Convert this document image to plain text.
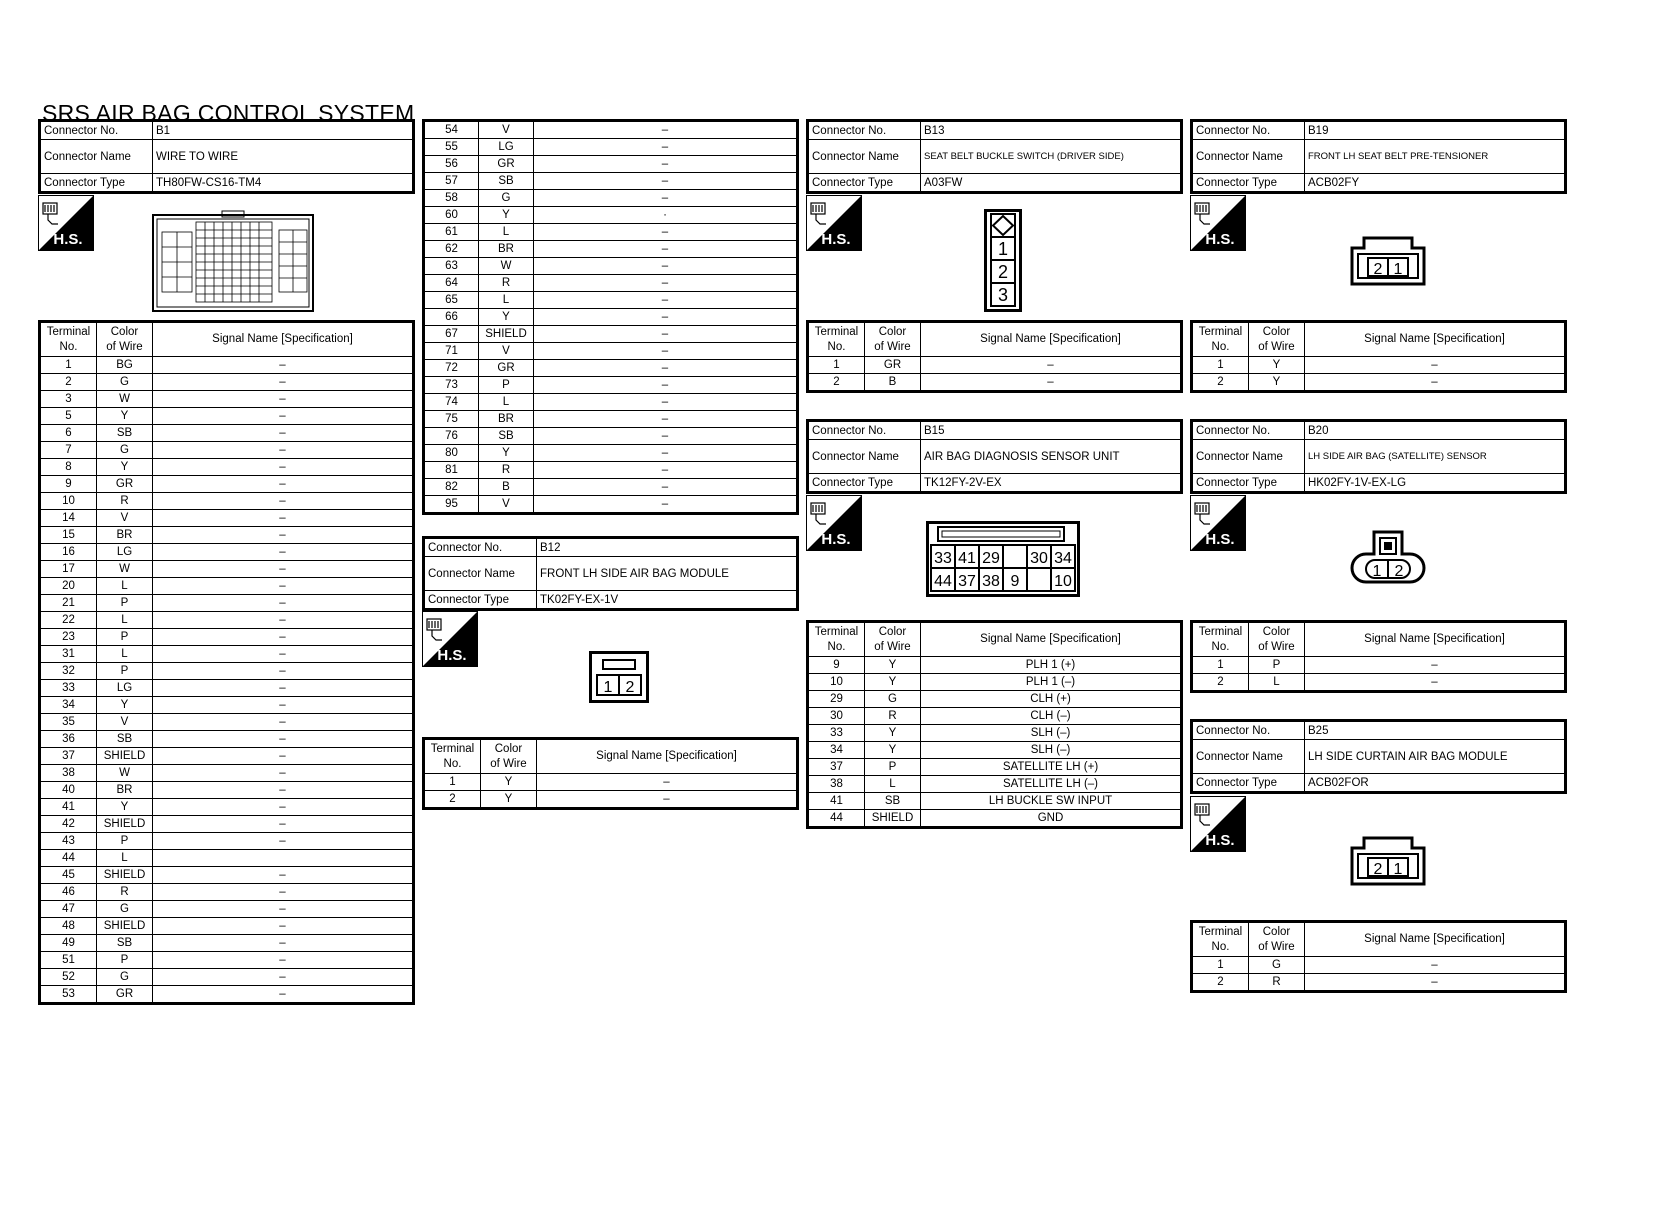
SRS AIR BAG CONTROL SYSTEM
Connector No.	B1
Connector Name	WIRE TO WIRE
Connector Type	TH80FW-CS16-TM4
H.S.
Terminal
No.	Color
of Wire	Signal Name [Specification]
1	BG	–
2	G	–
3	W	–
5	Y	–
6	SB	–
7	G	–
8	Y	–
9	GR	–
10	R	–
14	V	–
15	BR	–
16	LG	–
17	W	–
20	L	–
21	P	–
22	L	–
23	P	–
31	L	–
32	P	–
33	LG	–
34	Y	–
35	V	–
36	SB	–
37	SHIELD	–
38	W	–
40	BR	–
41	Y	–
42	SHIELD	–
43	P	–
44	L	
45	SHIELD	–
46	R	–
47	G	–
48	SHIELD	–
49	SB	–
51	P	–
52	G	–
53	GR	–
54	V	–
55	LG	–
56	GR	–
57	SB	–
58	G	–
60	Y	·
61	L	–
62	BR	–
63	W	–
64	R	–
65	L	–
66	Y	–
67	SHIELD	–
71	V	–
72	GR	–
73	P	–
74	L	–
75	BR	–
76	SB	–
80	Y	–
81	R	–
82	B	–
95	V	–
Connector No.	B12
Connector Name	FRONT LH SIDE AIR BAG MODULE
Connector Type	TK02FY-EX-1V
H.S.
1 2
Terminal
No.	Color
of Wire	Signal Name [Specification]
1	Y	–
2	Y	–
Connector No.	B13
Connector Name	SEAT BELT BUCKLE SWITCH (DRIVER SIDE)
Connector Type	A03FW
H.S.	1
2
3
Terminal
No.	Color
of Wire	Signal Name [Specification]
1	GR	–
2	B	–
Connector No.	B15
Connector Name	AIR BAG DIAGNOSIS SENSOR UNIT
Connector Type	TK12FY-2V-EX
H.S.
33 41 29 30 34
44 37 38 9 10
Terminal
No.	Color
of Wire	Signal Name [Specification]
9	Y	PLH 1 (+)
10	Y	PLH 1 (–)
29	G	CLH (+)
30	R	CLH (–)
33	Y	SLH (–)
34	Y	SLH (–)
37	P	SATELLITE LH (+)
38	L	SATELLITE LH (–)
41	SB	LH BUCKLE SW INPUT
44	SHIELD	GND
Connector No.	B19
Connector Name	FRONT LH SEAT BELT PRE-TENSIONER
Connector Type	ACB02FY
H.S.
2 1
Terminal
No.	Color
of Wire	Signal Name [Specification]
1	Y	–
2	Y	–
Connector No.	B20
Connector Name	LH SIDE AIR BAG (SATELLITE) SENSOR
Connector Type	HK02FY-1V-EX-LG
H.S.
1 2
Terminal
No.	Color
of Wire	Signal Name [Specification]
1	P	–
2	L	–
Connector No.	B25
Connector Name	LH SIDE CURTAIN AIR BAG MODULE
Connector Type	ACB02FOR
H.S.
2 1
Terminal
No.	Color
of Wire	Signal Name [Specification]
1	G	–
2	R	–
